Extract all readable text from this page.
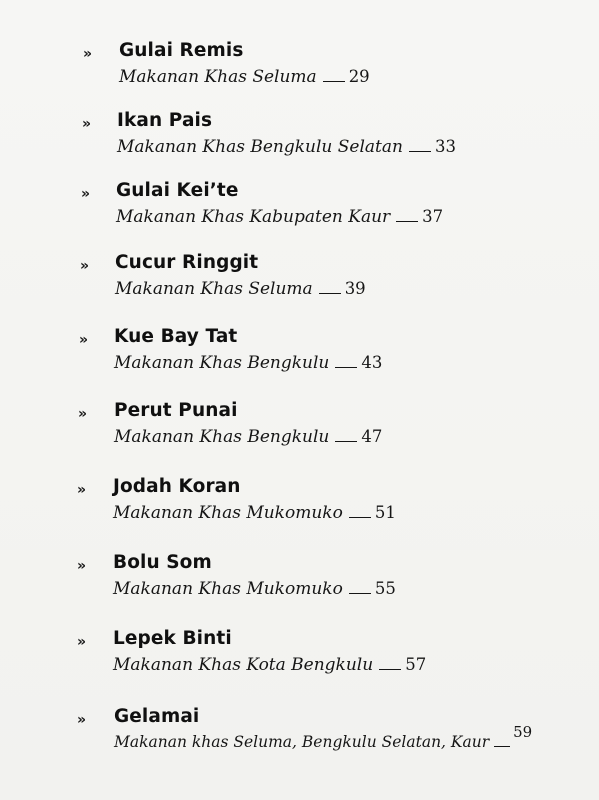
» Gulai Remis
Makanan Khas Seluma 29
» Ikan Pais
Makanan Khas Bengkulu Selatan 33
» Gulai Kei’te
Makanan Khas Kabupaten Kaur 37
» Cucur Ringgit
Makanan Khas Seluma 39
» Kue Bay Tat
Makanan Khas Bengkulu 43
» Perut Punai
Makanan Khas Bengkulu 47
» Jodah Koran
Makanan Khas Mukomuko 51
» Bolu Som
Makanan Khas Mukomuko 55
» Lepek Binti
Makanan Khas Kota Bengkulu 57
» Gelamai
Makanan khas Seluma, Bengkulu Selatan, Kaur59
